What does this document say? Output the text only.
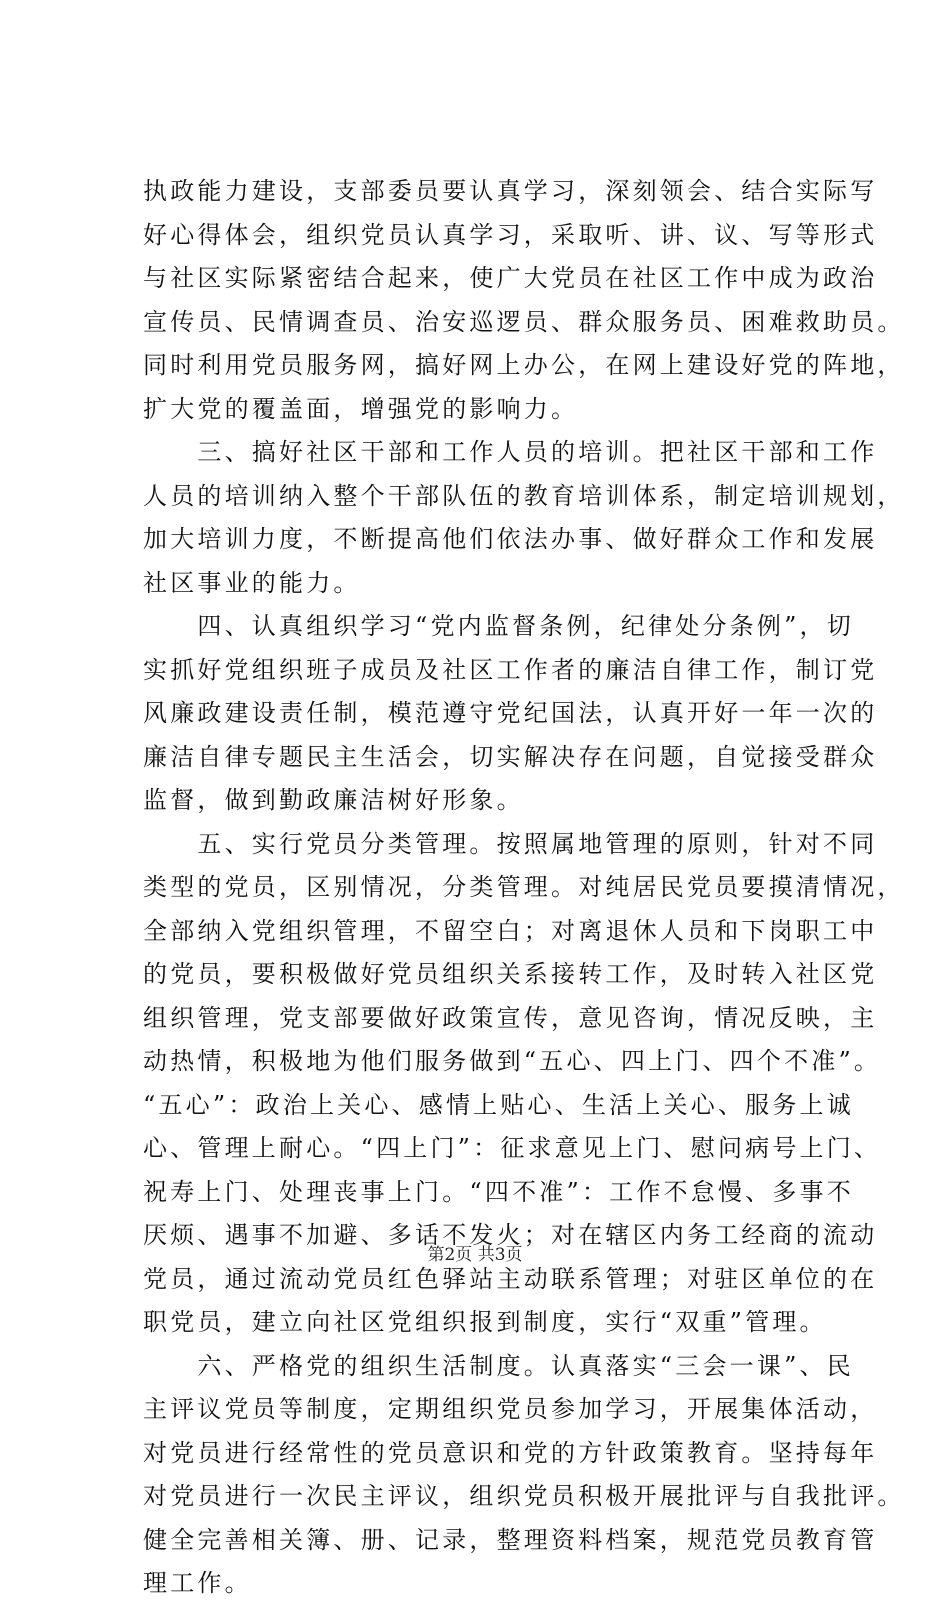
执政能力建设，支部委员要认真学习，深刻领会、结合实际写
好心得体会，组织党员认真学习，采取听、讲、议、写等形式
与社区实际紧密结合起来，使广大党员在社区工作中成为政治
宣传员、民情调查员、治安巡逻员、群众服务员、困难救助员。
同时利用党员服务网，搞好网上办公，在网上建设好党的阵地，
扩大党的覆盖面，增强党的影响力。
　　三、搞好社区干部和工作人员的培训。把社区干部和工作
人员的培训纳入整个干部队伍的教育培训体系，制定培训规划，
加大培训力度，不断提高他们依法办事、做好群众工作和发展
社区事业的能力。
　　四、认真组织学习“党内监督条例，纪律处分条例”，切
实抓好党组织班子成员及社区工作者的廉洁自律工作，制订党
风廉政建设责任制，模范遵守党纪国法，认真开好一年一次的
廉洁自律专题民主生活会，切实解决存在问题，自觉接受群众
监督，做到勤政廉洁树好形象。
　　五、实行党员分类管理。按照属地管理的原则，针对不同
类型的党员，区别情况，分类管理。对纯居民党员要摸清情况，
全部纳入党组织管理，不留空白；对离退休人员和下岗职工中
的党员，要积极做好党员组织关系接转工作，及时转入社区党
组织管理，党支部要做好政策宣传，意见咨询，情况反映，主
动热情，积极地为他们服务做到“五心、四上门、四个不准”。
“五心”：政治上关心、感情上贴心、生活上关心、服务上诚
心、管理上耐心。“四上门”：征求意见上门、慰问病号上门、
祝寿上门、处理丧事上门。“四不准”：工作不怠慢、多事不
厌烦、遇事不加避、多话不发火；对在辖区内务工经商的流动
党员，通过流动党员红色驿站主动联系管理；对驻区单位的在
职党员，建立向社区党组织报到制度，实行“双重”管理。
　　六、严格党的组织生活制度。认真落实“三会一课”、民
主评议党员等制度，定期组织党员参加学习，开展集体活动，
对党员进行经常性的党员意识和党的方针政策教育。坚持每年
对党员进行一次民主评议，组织党员积极开展批评与自我批评。
健全完善相关簿、册、记录，整理资料档案，规范党员教育管
理工作。
第2页 共3页
